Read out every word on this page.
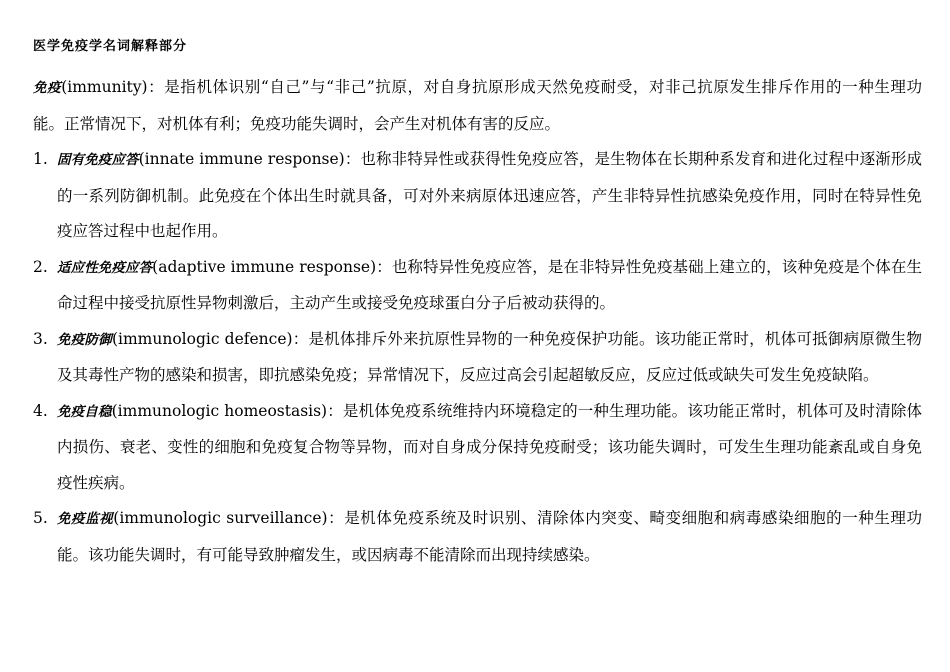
医学免疫学名词解释部分

免疫(immunity)：是指机体识别“自己”与“非己”抗原，对自身抗原形成天然免疫耐受，对非己抗原发生排斥作用的一种生理功能。正常情况下，对机体有利；免疫功能失调时，会产生对机体有害的反应。

1. 固有免疫应答(innate immune response)：也称非特异性或获得性免疫应答，是生物体在长期种系发育和进化过程中逐渐形成的一系列防御机制。此免疫在个体出生时就具备，可对外来病原体迅速应答，产生非特异性抗感染免疫作用，同时在特异性免疫应答过程中也起作用。
2. 适应性免疫应答(adaptive immune response)：也称特异性免疫应答，是在非特异性免疫基础上建立的，该种免疫是个体在生命过程中接受抗原性异物刺激后，主动产生或接受免疫球蛋白分子后被动获得的。
3. 免疫防御(immunologic defence)：是机体排斥外来抗原性异物的一种免疫保护功能。该功能正常时，机体可抵御病原微生物及其毒性产物的感染和损害，即抗感染免疫；异常情况下，反应过高会引起超敏反应，反应过低或缺失可发生免疫缺陷。
4. 免疫自稳(immunologic homeostasis)：是机体免疫系统维持内环境稳定的一种生理功能。该功能正常时，机体可及时清除体内损伤、衰老、变性的细胞和免疫复合物等异物，而对自身成分保持免疫耐受；该功能失调时，可发生生理功能紊乱或自身免疫性疾病。
5. 免疫监视(immunologic surveillance)：是机体免疫系统及时识别、清除体内突变、畸变细胞和病毒感染细胞的一种生理功能。该功能失调时，有可能导致肿瘤发生，或因病毒不能清除而出现持续感染。
